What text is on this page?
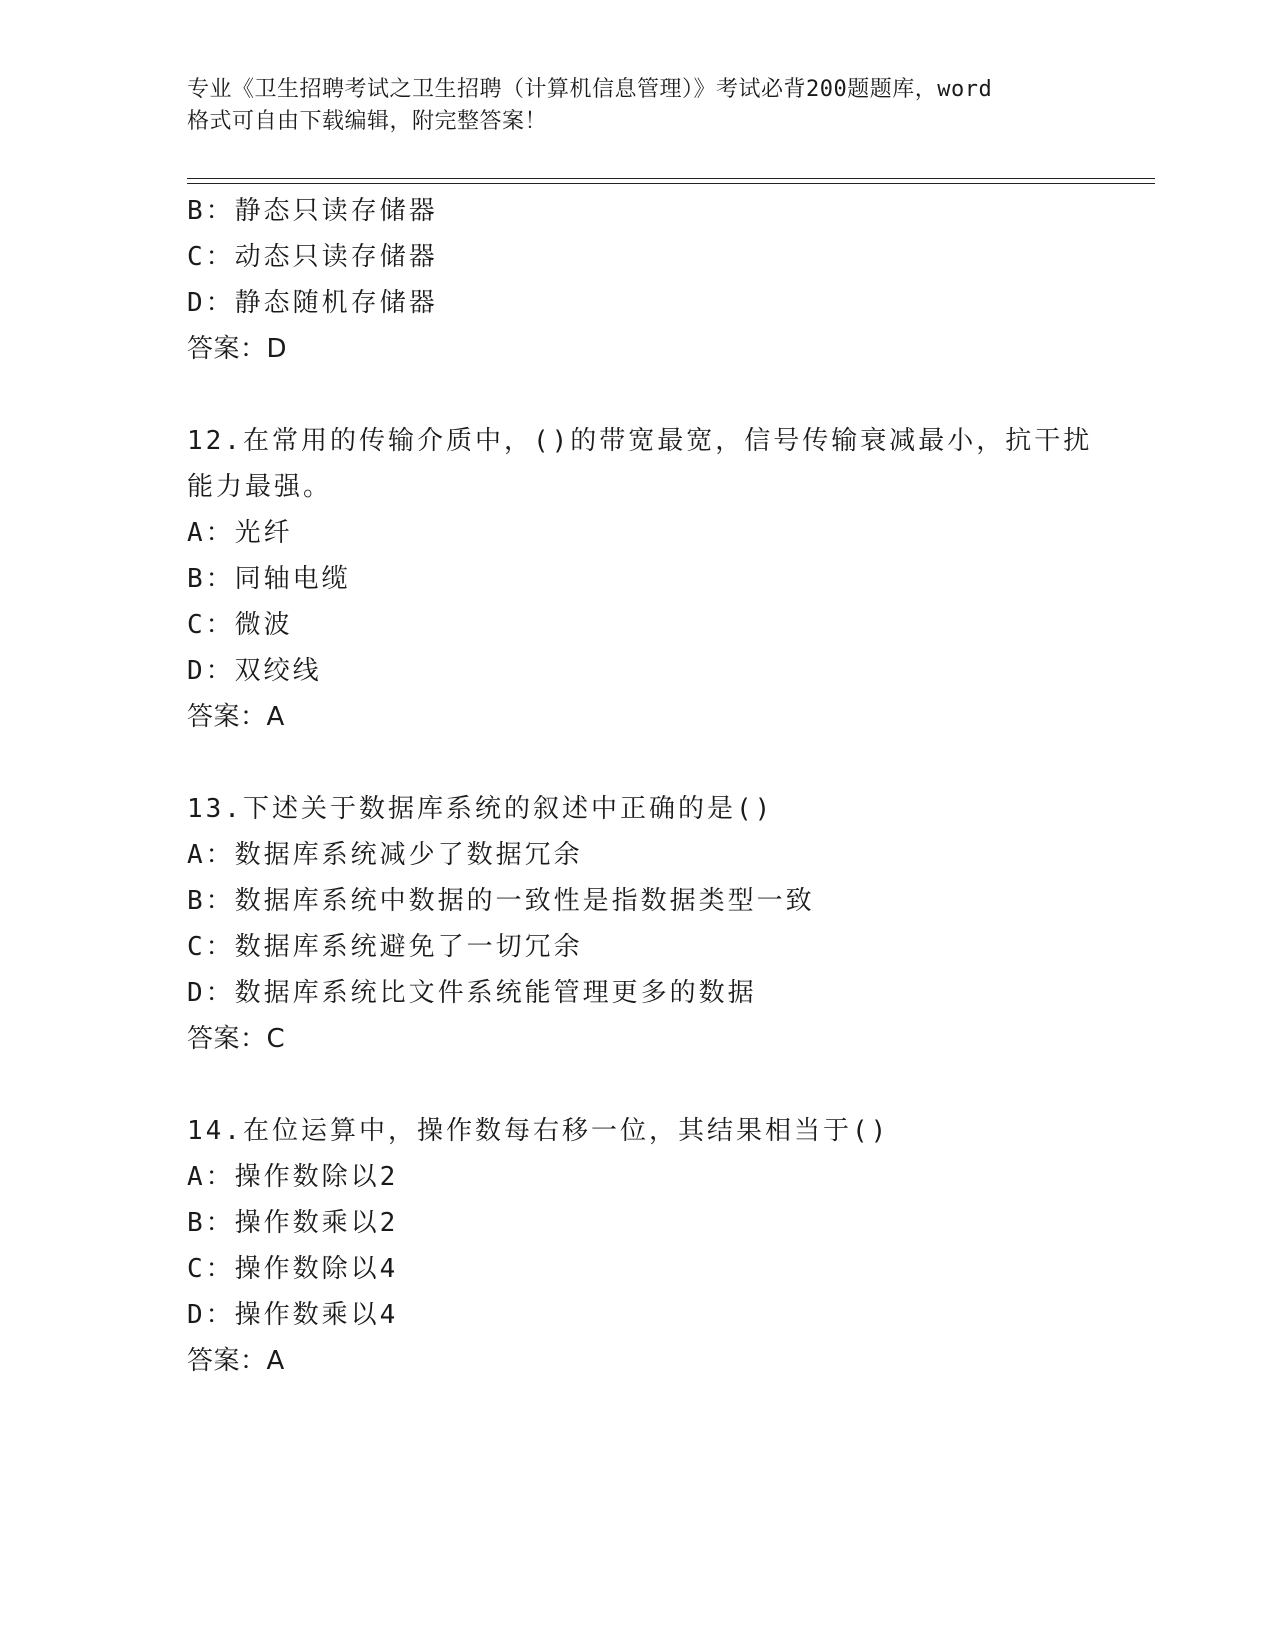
专业《卫生招聘考试之卫生招聘（计算机信息管理）》考试必背200题题库，word
格式可自由下载编辑，附完整答案！
B：静态只读存储器
C：动态只读存储器
D：静态随机存储器
答案：D
12.在常用的传输介质中，()的带宽最宽，信号传输衰减最小，抗干扰
能力最强。
A：光纤
B：同轴电缆
C：微波
D：双绞线
答案：A
13.下述关于数据库系统的叙述中正确的是()
A：数据库系统减少了数据冗余
B：数据库系统中数据的一致性是指数据类型一致
C：数据库系统避免了一切冗余
D：数据库系统比文件系统能管理更多的数据
答案：C
14.在位运算中，操作数每右移一位，其结果相当于()
A：操作数除以2
B：操作数乘以2
C：操作数除以4
D：操作数乘以4
答案：A
